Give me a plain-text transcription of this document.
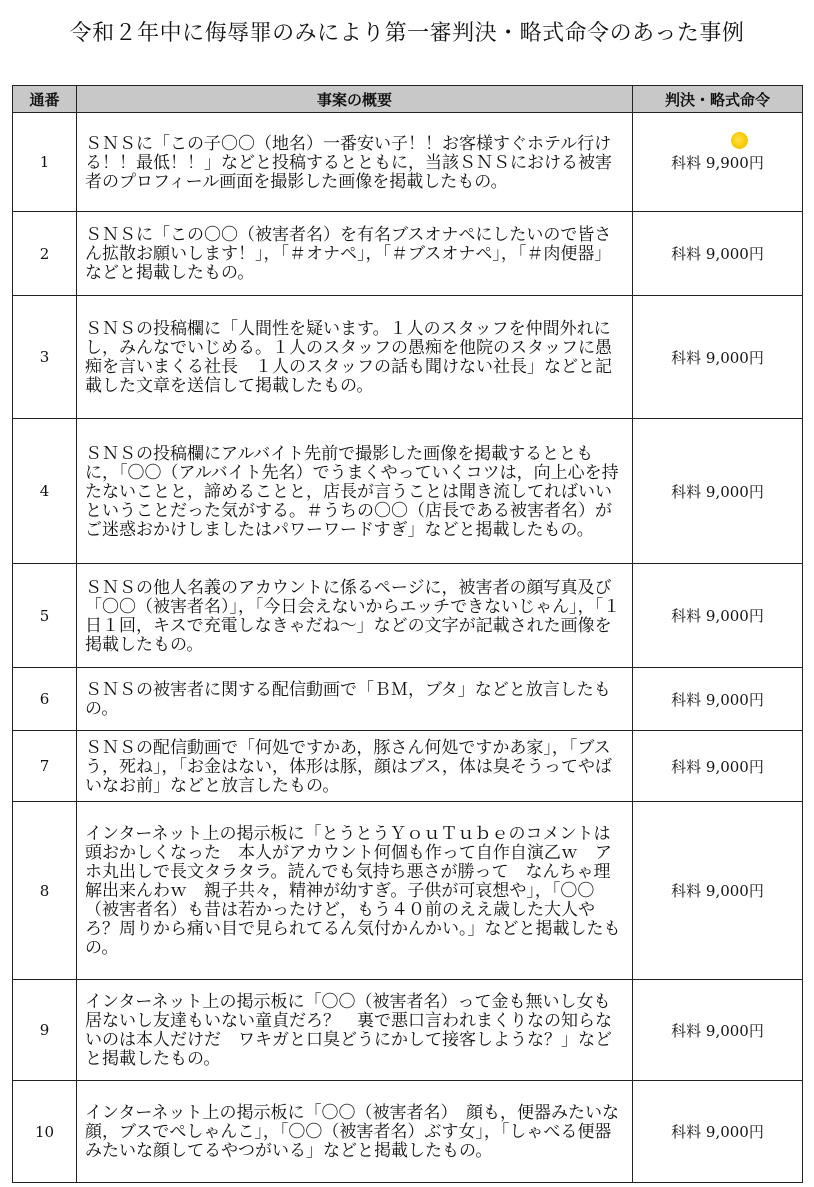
令和２年中に侮辱罪のみにより第一審判決・略式命令のあった事例
通番	事案の概要	判決・略式命令
1	ＳＮＳに「この子〇〇（地名）一番安い子！！お客様すぐホテル行ける！！最低！！」などと投稿するとともに，当該ＳＮＳにおける被害者のプロフィール画面を撮影した画像を掲載したもの。	科料 9,900円
2	ＳＮＳに「この〇〇（被害者名）を有名ブスオナペにしたいので皆さん拡散お願いします！」，「＃オナペ」，「＃ブスオナペ」，「＃肉便器」などと掲載したもの。	科料 9,000円
3	ＳＮＳの投稿欄に「人間性を疑います。１人のスタッフを仲間外れにし，みんなでいじめる。１人のスタッフの愚痴を他院のスタッフに愚痴を言いまくる社長　１人のスタッフの話も聞けない社長」などと記載した文章を送信して掲載したもの。	科料 9,000円
4	ＳＮＳの投稿欄にアルバイト先前で撮影した画像を掲載するとともに，「〇〇（アルバイト先名）でうまくやっていくコツは，向上心を持たないことと，諦めることと，店長が言うことは聞き流してればいいということだった気がする。＃うちの〇〇（店長である被害者名）がご迷惑おかけしましたはパワーワードすぎ」などと掲載したもの。	科料 9,000円
5	ＳＮＳの他人名義のアカウントに係るページに，被害者の顔写真及び「〇〇（被害者名）」，「今日会えないからエッチできないじゃん」，「１日１回，キスで充電しなきゃだね～」などの文字が記載された画像を掲載したもの。	科料 9,000円
6	ＳＮＳの被害者に関する配信動画で「ＢＭ，ブタ」などと放言したもの。	科料 9,000円
7	ＳＮＳの配信動画で「何処ですかあ，豚さん何処ですかあ家」，「ブスう，死ね」，「お金はない，体形は豚，顔はブス，体は臭そうってやばいなお前」などと放言したもの。	科料 9,000円
8	インターネット上の掲示板に「とうとうＹｏｕＴｕｂｅのコメントは頭おかしくなった　本人がアカウント何個も作って自作自演乙ｗ　アホ丸出しで長文タラタラ。読んでも気持ち悪さが勝って　なんちゃ理解出来んわｗ　親子共々，精神が幼すぎ。子供が可哀想や」，「〇〇（被害者名）も昔は若かったけど，もう４０前のええ歳した大人やろ？周りから痛い目で見られてるん気付かんかい。」などと掲載したもの。	科料 9,000円
9	インターネット上の掲示板に「〇〇（被害者名）って金も無いし女も居ないし友達もいない童貞だろ？　裏で悪口言われまくりなの知らないのは本人だけだ　ワキガと口臭どうにかして接客しような？」などと掲載したもの。	科料 9,000円
10	インターネット上の掲示板に「〇〇（被害者名）　顔も，便器みたいな顔，ブスでぺしゃんこ」，「〇〇（被害者名）ぶす女」，「しゃべる便器みたいな顔してるやつがいる」などと掲載したもの。	科料 9,000円
